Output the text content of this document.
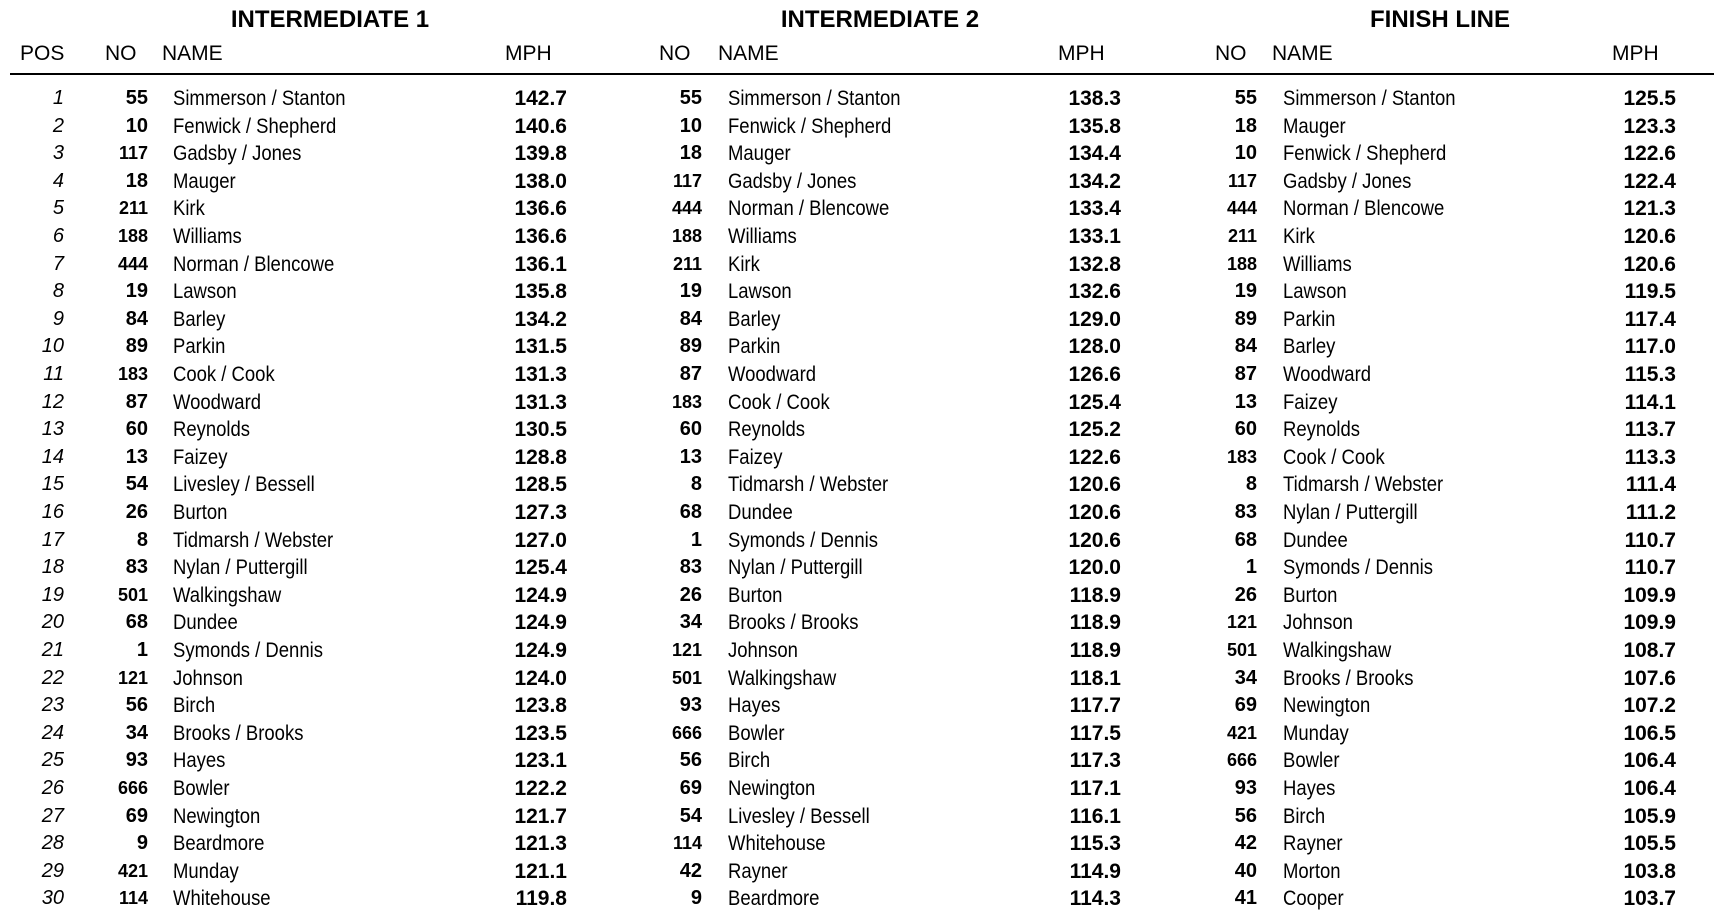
INTERMEDIATE 1	INTERMEDIATE 2	FINISH LINE
POS NO NAME	MPH	NO NAME	MPH	NO NAME	MPH
1	55 Simmerson / Stanton	142.7	55 Simmerson / Stanton	138.3	55 Simmerson / Stanton	125.5
2	10 Fenwick / Shepherd	140.6	10 Fenwick / Shepherd	135.8	18 Mauger	123.3
3	117 Gadsby / Jones	139.8	18 Mauger	134.4	10 Fenwick / Shepherd	122.6
4	18 Mauger	138.0	117 Gadsby / Jones	134.2	117 Gadsby / Jones	122.4
5	211 Kirk	136.6	444 Norman / Blencowe	133.4	444 Norman / Blencowe	121.3
6	188 Williams	136.6	188 Williams	133.1	211 Kirk	120.6
7	444 Norman / Blencowe	136.1	211 Kirk	132.8	188 Williams	120.6
8	19 Lawson	135.8	19 Lawson	132.6	19 Lawson	119.5
9	84 Barley	134.2	84 Barley	129.0	89 Parkin	117.4
10	89 Parkin	131.5	89 Parkin	128.0	84 Barley	117.0
11	183 Cook / Cook	131.3	87 Woodward	126.6	87 Woodward	115.3
12	87 Woodward	131.3	183 Cook / Cook	125.4	13 Faizey	114.1
13	60 Reynolds	130.5	60 Reynolds	125.2	60 Reynolds	113.7
14	13 Faizey	128.8	13 Faizey	122.6	183 Cook / Cook	113.3
15	54 Livesley / Bessell	128.5	8 Tidmarsh / Webster	120.6	8 Tidmarsh / Webster	111.4
16	26 Burton	127.3	68 Dundee	120.6	83 Nylan / Puttergill	111.2
17	8 Tidmarsh / Webster	127.0	1 Symonds / Dennis	120.6	68 Dundee	110.7
18	83 Nylan / Puttergill	125.4	83 Nylan / Puttergill	120.0	1 Symonds / Dennis	110.7
19	501 Walkingshaw	124.9	26 Burton	118.9	26 Burton	109.9
20	68 Dundee	124.9	34 Brooks / Brooks	118.9	121 Johnson	109.9
21	1 Symonds / Dennis	124.9	121 Johnson	118.9	501 Walkingshaw	108.7
22	121 Johnson	124.0	501 Walkingshaw	118.1	34 Brooks / Brooks	107.6
23	56 Birch	123.8	93 Hayes	117.7	69 Newington	107.2
24	34 Brooks / Brooks	123.5	666 Bowler	117.5	421 Munday	106.5
25	93 Hayes	123.1	56 Birch	117.3	666 Bowler	106.4
26	666 Bowler	122.2	69 Newington	117.1	93 Hayes	106.4
27	69 Newington	121.7	54 Livesley / Bessell	116.1	56 Birch	105.9
28	9 Beardmore	121.3	114 Whitehouse	115.3	42 Rayner	105.5
29	421 Munday	121.1	42 Rayner	114.9	40 Morton	103.8
30	114 Whitehouse	119.8	9 Beardmore	114.3	41 Cooper	103.7
